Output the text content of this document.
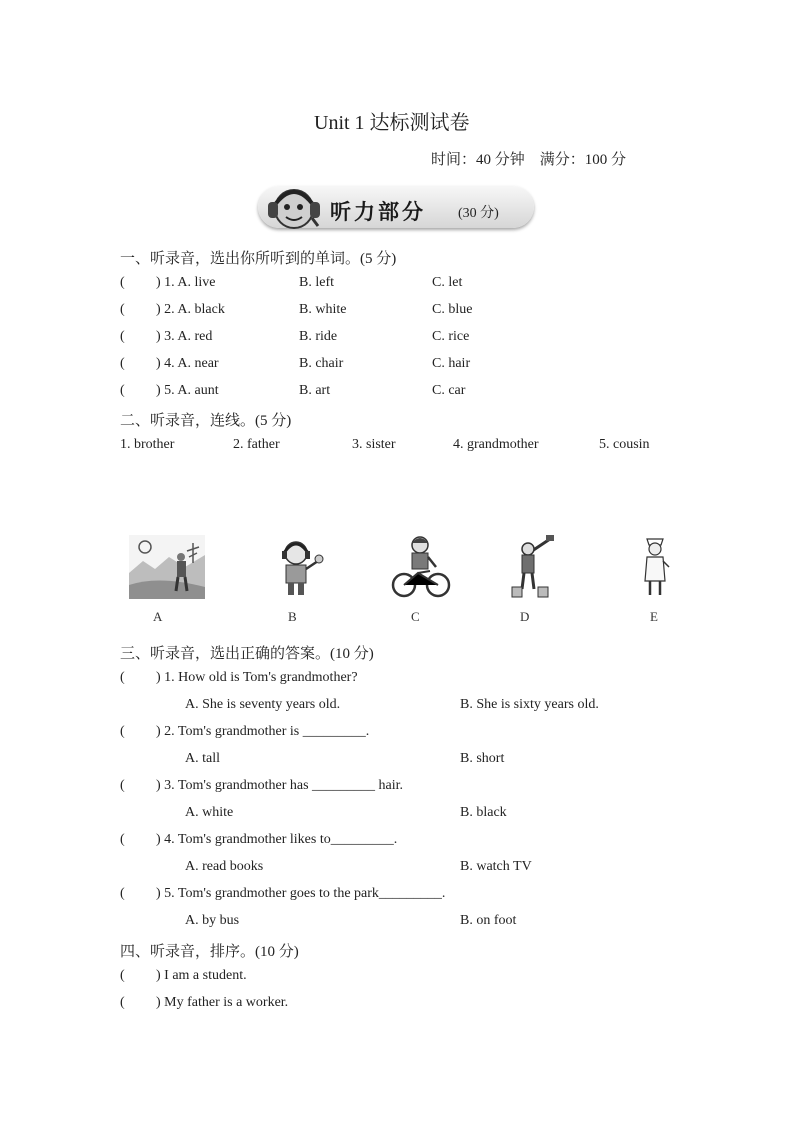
Unit 1 达标测试卷
时间：40 分钟　满分：100 分
听力部分 (30 分)
一、听录音，选出你所听到的单词。(5 分)
(	) 1. A. live	B. left	C. let
(	) 2. A. black	B. white	C. blue
(	) 3. A. red	B. ride	C. rice
(	) 4. A. near	B. chair	C. hair
(	) 5. A. aunt	B. art	C. car
二、听录音，连线。(5 分)
1. brother	2. father	3. sister	4. grandmother	5. cousin
A	B	C	D	E
三、听录音，选出正确的答案。(10 分)
(	) 1. How old is Tom's grandmother?
A. She is seventy years old.	B. She is sixty years old.
(	) 2. Tom's grandmother is _________.
A. tall	B. short
(	) 3. Tom's grandmother has _________ hair.
A. white	B. black
(	) 4. Tom's grandmother likes to_________.
A. read books	B. watch TV
(	) 5. Tom's grandmother goes to the park_________.
A. by bus	B. on foot
四、听录音，排序。(10 分)
(	) I am a student.
(	) My father is a worker.
